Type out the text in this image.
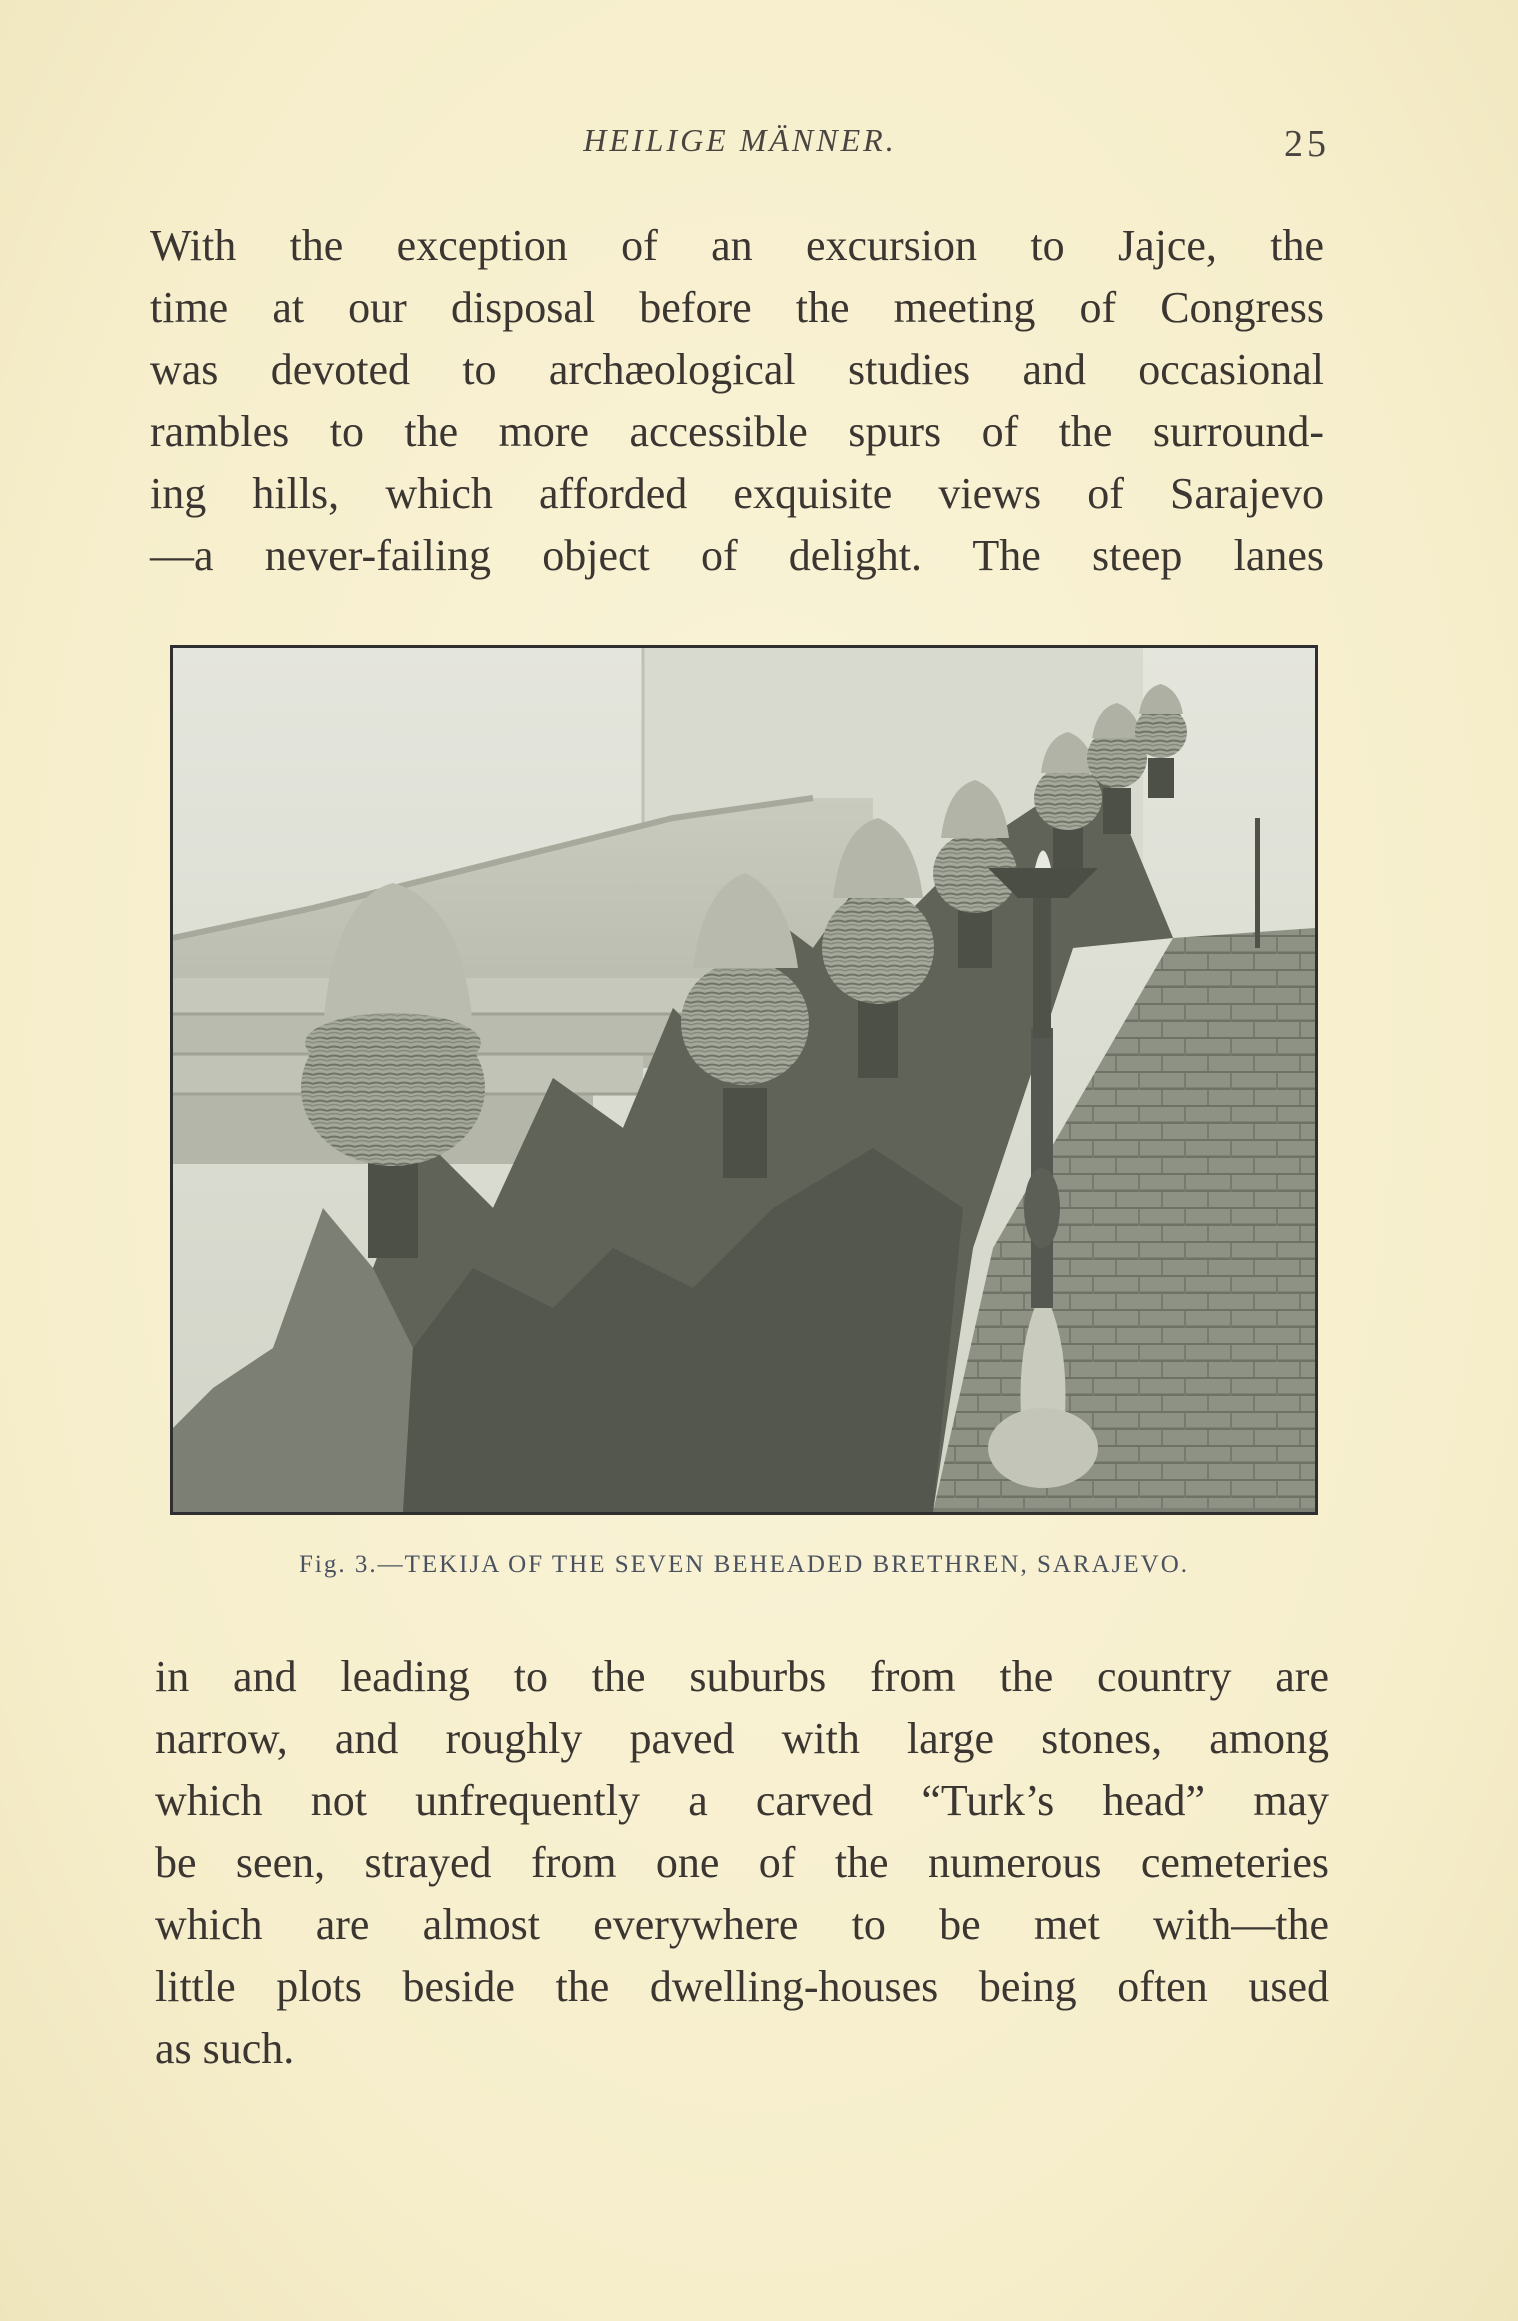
HEILIGE MÄNNER.	25
With the exception of an excursion to Jajce, the
time at our disposal before the meeting of Congress
was devoted to archæological studies and occasional
rambles to the more accessible spurs of the surround-
ing hills, which afforded exquisite views of Sarajevo
—a never-failing object of delight. The steep lanes
Fig. 3.—TEKIJA OF THE SEVEN BEHEADED BRETHREN, SARAJEVO.
in and leading to the suburbs from the country are
narrow, and roughly paved with large stones, among
which not unfrequently a carved “Turk’s head” may
be seen, strayed from one of the numerous cemeteries
which are almost everywhere to be met with—the
little plots beside the dwelling-houses being often used
as such.
